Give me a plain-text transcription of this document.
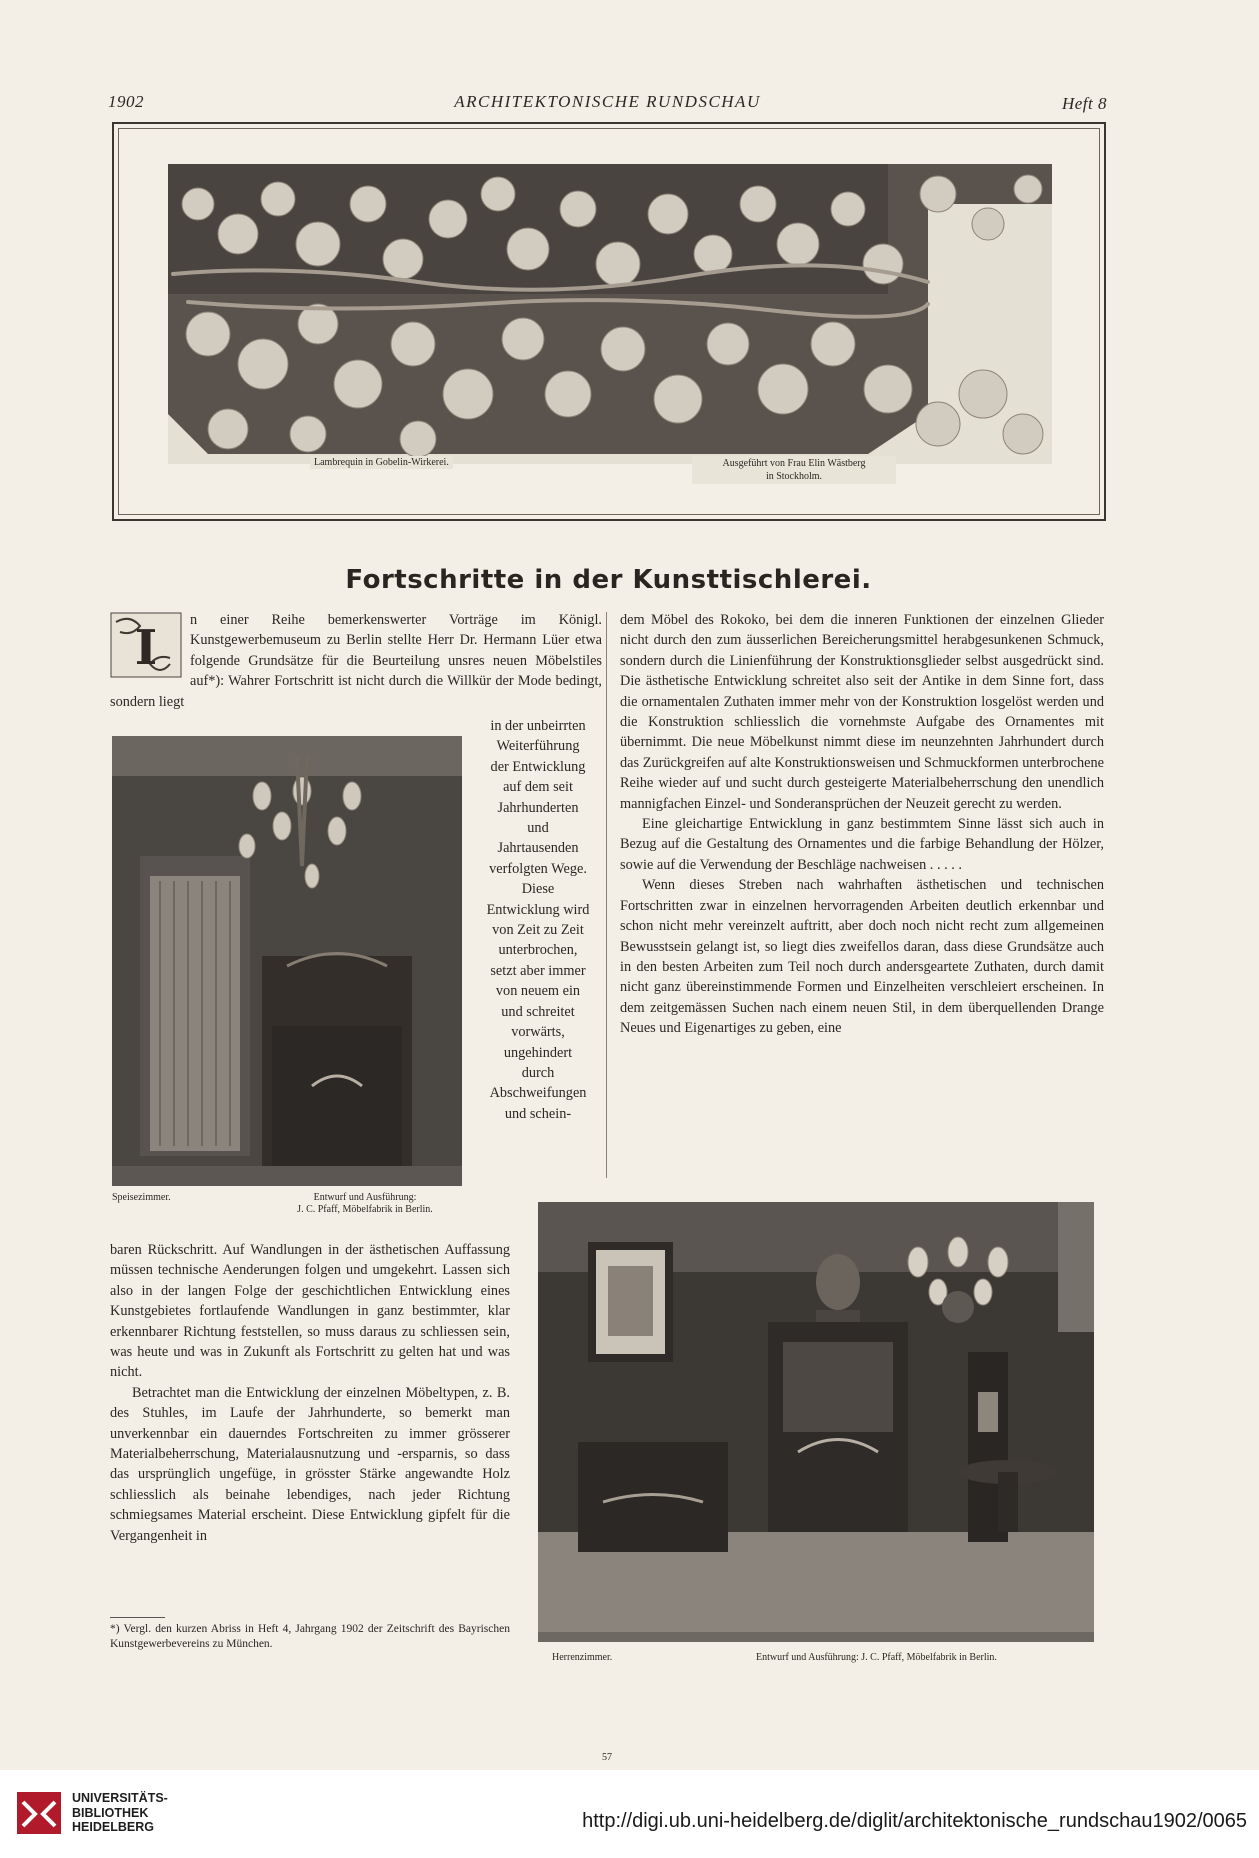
1902	ARCHITEKTONISCHE RUNDSCHAU	Heft 8
Lambrequin in Gobelin-Wirkerei.	Ausgeführt von Frau Elin Wästberg
in Stockholm.
Fortschritte in der Kunsttischlerei.
I	n einer Reihe bemerkenswerter Vorträge im Königl. Kunstgewerbemuseum zu Berlin stellte Herr Dr. Hermann Lüer etwa folgende Grundsätze für die Beurteilung unsres neuen Möbelstiles auf*): Wahrer Fortschritt ist nicht durch die Willkür der Mode bedingt, sondern liegt

in der unbeirrten Weiterführung der Entwicklung auf dem seit Jahrhunderten und Jahrtausenden verfolgten Wege. Diese Entwicklung wird von Zeit zu Zeit unterbrochen, setzt aber immer von neuem ein und schreitet vorwärts, ungehindert durch Abschweifungen und schein-
Speisezimmer.	Entwurf und Ausführung:
J. C. Pfaff, Möbelfabrik in Berlin.

dem Möbel des Rokoko, bei dem die inneren Funktionen der einzelnen Glieder nicht durch den zum äusserlichen Bereicherungsmittel herabgesunkenen Schmuck, sondern durch die Linienführung der Konstruktionsglieder selbst ausgedrückt sind. Die ästhetische Entwicklung schreitet also seit der Antike in dem Sinne fort, dass die ornamentalen Zuthaten immer mehr von der Konstruktion losgelöst werden und die Konstruktion schliesslich die vornehmste Aufgabe des Ornamentes mit übernimmt. Die neue Möbelkunst nimmt diese im neunzehnten Jahrhundert durch das Zurückgreifen auf alte Konstruktionsweisen und Schmuckformen unterbrochene Reihe wieder auf und sucht durch gesteigerte Materialbeherrschung den unendlich mannigfachen Einzel- und Sonderansprüchen der Neuzeit gerecht zu werden.

Eine gleichartige Entwicklung in ganz bestimmtem Sinne lässt sich auch in Bezug auf die Gestaltung des Ornamentes und die farbige Behandlung der Hölzer, sowie auf die Verwendung der Beschläge nachweisen . . . . .

Wenn dieses Streben nach wahrhaften ästhetischen und technischen Fortschritten zwar in einzelnen hervorragenden Arbeiten deutlich erkennbar und schon nicht mehr vereinzelt auftritt, aber doch noch nicht recht zum allgemeinen Bewusstsein gelangt ist, so liegt dies zweifellos daran, dass diese Grundsätze auch in den besten Arbeiten zum Teil noch durch andersgeartete Zuthaten, durch damit nicht ganz übereinstimmende Formen und Einzelheiten verschleiert erscheinen. In dem zeitgemässen Suchen nach einem neuen Stil, in dem überquellenden Drange Neues und Eigenartiges zu geben, eine

baren Rückschritt. Auf Wandlungen in der ästhetischen Auffassung müssen technische Aenderungen folgen und umgekehrt. Lassen sich also in der langen Folge der geschichtlichen Entwicklung eines Kunstgebietes fortlaufende Wandlungen in ganz bestimmter, klar erkennbarer Richtung feststellen, so muss daraus zu schliessen sein, was heute und was in Zukunft als Fortschritt zu gelten hat und was nicht.

Betrachtet man die Entwicklung der einzelnen Möbeltypen, z. B. des Stuhles, im Laufe der Jahrhunderte, so bemerkt man unverkennbar ein dauerndes Fortschreiten zu immer grösserer Materialbeherrschung, Materialausnutzung und -ersparnis, so dass das ursprünglich ungefüge, in grösster Stärke angewandte Holz schliesslich als beinahe lebendiges, nach jeder Richtung schmiegsames Material erscheint. Diese Entwicklung gipfelt für die Vergangenheit in

Herrenzimmer.	Entwurf und Ausführung: J. C. Pfaff, Möbelfabrik in Berlin.
*) Vergl. den kurzen Abriss in Heft 4, Jahrgang 1902 der Zeitschrift des Bayrischen Kunstgewerbevereins zu München.
57
UNIVERSITÄTS-
BIBLIOTHEK
HEIDELBERG	http://digi.ub.uni-heidelberg.de/diglit/architektonische_rundschau1902/0065
